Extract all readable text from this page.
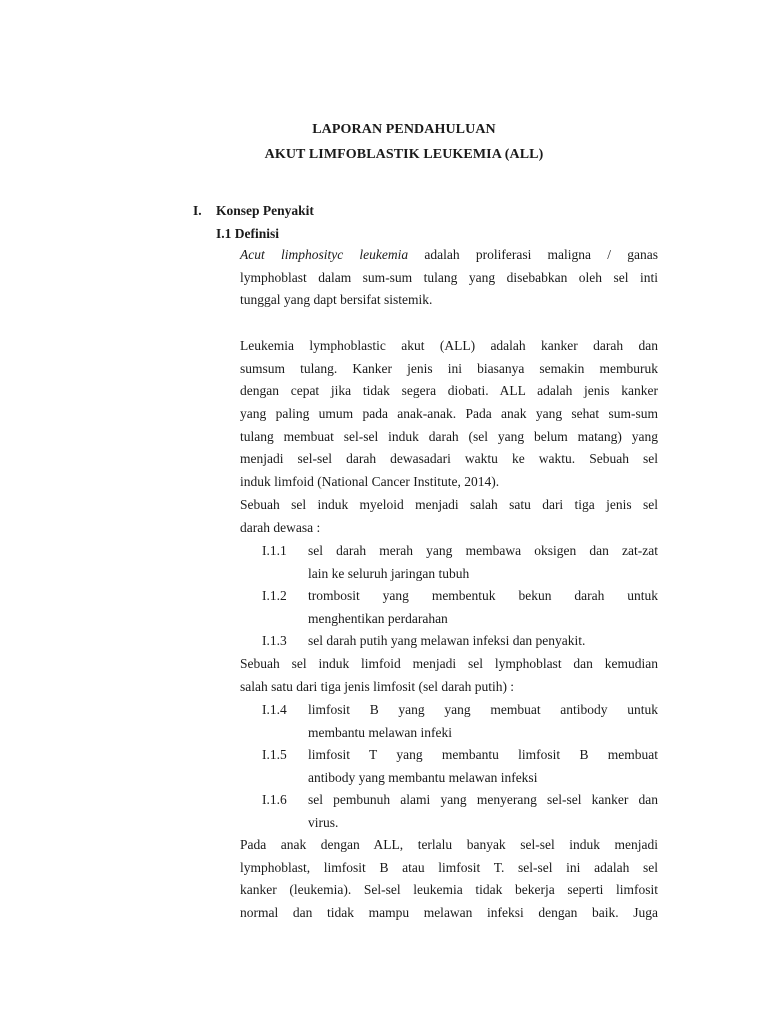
LAPORAN PENDAHULUAN
AKUT LIMFOBLASTIK LEUKEMIA (ALL)
I. Konsep Penyakit
I.1 Definisi
Acut limphosityc leukemia adalah proliferasi maligna / ganas
lymphoblast dalam sum-sum tulang yang disebabkan oleh sel inti
tunggal yang dapt bersifat sistemik.
Leukemia lymphoblastic akut (ALL) adalah kanker darah dan
sumsum tulang. Kanker jenis ini biasanya semakin memburuk
dengan cepat jika tidak segera diobati. ALL adalah jenis kanker
yang paling umum pada anak-anak. Pada anak yang sehat sum-sum
tulang membuat sel-sel induk darah (sel yang belum matang) yang
menjadi sel-sel darah dewasadari waktu ke waktu. Sebuah sel
induk limfoid (National Cancer Institute, 2014).
Sebuah sel induk myeloid menjadi salah satu dari tiga jenis sel
darah dewasa :
I.1.1 sel darah merah yang membawa oksigen dan zat-zat
lain ke seluruh jaringan tubuh
I.1.2 trombosit yang membentuk bekun darah untuk
menghentikan perdarahan
I.1.3 sel darah putih yang melawan infeksi dan penyakit.
Sebuah sel induk limfoid menjadi sel lymphoblast dan kemudian
salah satu dari tiga jenis limfosit (sel darah putih) :
I.1.4 limfosit B yang yang membuat antibody untuk
membantu melawan infeki
I.1.5 limfosit T yang membantu limfosit B membuat
antibody yang membantu melawan infeksi
I.1.6 sel pembunuh alami yang menyerang sel-sel kanker dan
virus.
Pada anak dengan ALL, terlalu banyak sel-sel induk menjadi
lymphoblast, limfosit B atau limfosit T. sel-sel ini adalah sel
kanker (leukemia). Sel-sel leukemia tidak bekerja seperti limfosit
normal dan tidak mampu melawan infeksi dengan baik. Juga
